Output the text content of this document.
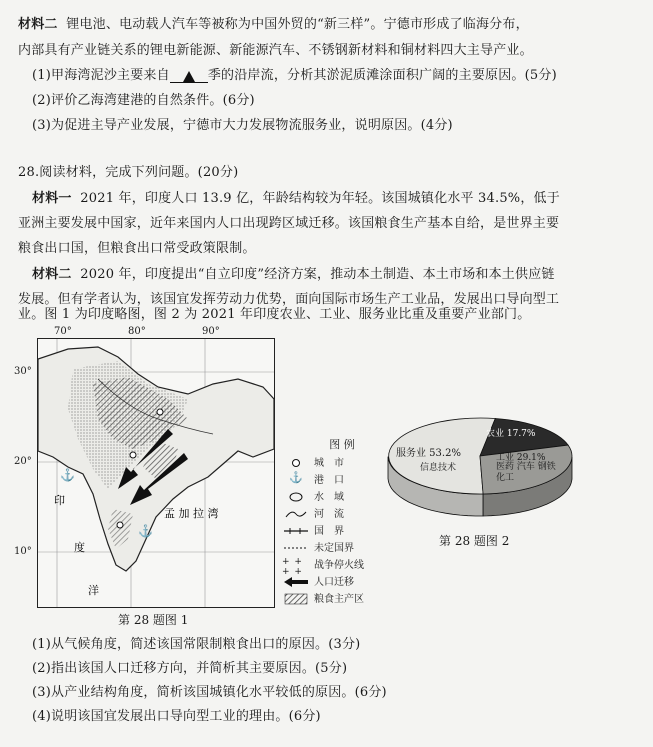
材料二 锂电池、电动载人汽车等被称为中国外贸的“新三样”。宁德市形成了临海分布，
内部具有产业链关系的锂电新能源、新能源汽车、不锈钢新材料和铜材料四大主导产业。
(1)甲海湾泥沙主要来自	季的沿岸流，分析其淤泥质滩涂面积广阔的主要原因。(5分)
(2)评价乙海湾建港的自然条件。(6分)
(3)为促进主导产业发展，宁德市大力发展物流服务业，说明原因。(4分)
28.阅读材料，完成下列问题。(20分)
材料一 2021 年，印度人口 13.9 亿，年龄结构较为年轻。该国城镇化水平 34.5%，低于
亚洲主要发展中国家，近年来国内人口出现跨区域迁移。该国粮食生产基本自给，是世界主要
粮食出口国，但粮食出口常受政策限制。
材料二 2020 年，印度提出“自立印度”经济方案，推动本土制造、本土市场和本土供应链
发展。但有学者认为，该国宜发挥劳动力优势，面向国际市场生产工业品，发展出口导向型工
业。图 1 为印度略图，图 2 为 2021 年印度农业、工业、服务业比重及重要产业部门。
70°	80°	90°
30°
20°
10°
⚓
⚓
印
度
洋
孟 加 拉 湾
第 28 题图 1
图 例
城　市
⚓	港　口
水　域
河　流
国　界
未定国界
+ + + +
战争停火线
人口迁移
粮食主产区
服务业 53.2%
信息技术
农业 17.7%
工业 29.1%
医药 汽车 钢铁 化工
第 28 题图 2
(1)从气候角度，简述该国常限制粮食出口的原因。(3分)
(2)指出该国人口迁移方向，并简析其主要原因。(5分)
(3)从产业结构角度，简析该国城镇化水平较低的原因。(6分)
(4)说明该国宜发展出口导向型工业的理由。(6分)
